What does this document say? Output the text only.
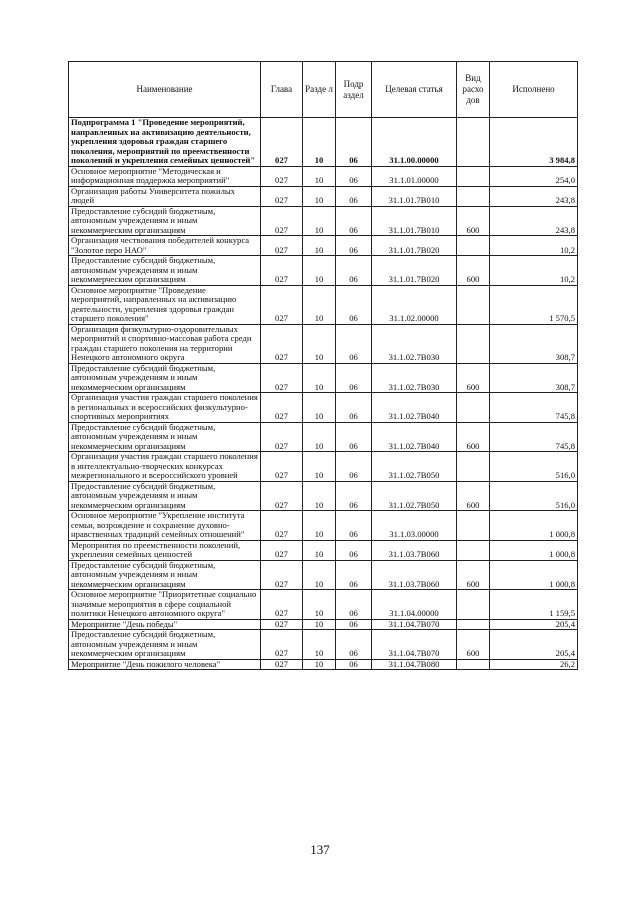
Наименование	Глава	Разде л	Подр аздел	Целевая статья	Вид расхо дов	Исполнено
Подпрограмма 1 "Проведение мероприятий, направленных на активизацию деятельности, укрепления здоровья граждан старшего поколения, мероприятий по преемственности поколений и укрепления семейных ценностей"	027	10	06	31.1.00.00000		3 984,8
Основное мероприятие "Методическая и информационная поддержка мероприятий"	027	10	06	31.1.01.00000		254,0
Организация работы Университета пожилых людей	027	10	06	31.1.01.7В010		243,8
Предоставление субсидий бюджетным, автономным учреждениям и иным некоммерческим организациям	027	10	06	31.1.01.7В010	600	243,8
Организация чествования победителей конкурса "Золотое перо НАО"	027	10	06	31.1.01.7В020		10,2
Предоставление субсидий бюджетным, автономным учреждениям и иным некоммерческим организациям	027	10	06	31.1.01.7В020	600	10,2
Основное мероприятие "Проведение мероприятий, направленных на активизацию деятельности, укрепления здоровья граждан старшего поколения"	027	10	06	31.1.02.00000		1 570,5
Организация физкультурно-оздоровительных мероприятий и спортивно-массовая работа среди граждан старшего поколения на территории Ненецкого автономного округа	027	10	06	31.1.02.7В030		308,7
Предоставление субсидий бюджетным, автономным учреждениям и иным некоммерческим организациям	027	10	06	31.1.02.7В030	600	308,7
Организация участия граждан старшего поколения в региональных и всероссийских физкультурно-спортивных мероприятиях	027	10	06	31.1.02.7В040		745,8
Предоставление субсидий бюджетным, автономным учреждениям и иным некоммерческим организациям	027	10	06	31.1.02.7В040	600	745,8
Организация участия граждан старшего поколения в интеллектуально-творческих конкурсах межрегионального и всероссийского уровней	027	10	06	31.1.02.7В050		516,0
Предоставление субсидий бюджетным, автономным учреждениям и иным некоммерческим организациям	027	10	06	31.1.02.7В050	600	516,0
Основное мероприятие "Укрепление института семьи, возрождение и сохранение духовно-нравственных традиций семейных отношений"	027	10	06	31.1.03.00000		1 000,8
Мероприятия по преемственности поколений, укрепления семейных ценностей	027	10	06	31.1.03.7В060		1 000,8
Предоставление субсидий бюджетным, автономным учреждениям и иным некоммерческим организациям	027	10	06	31.1.03.7В060	600	1 000,8
Основное мероприятие "Приоритетные социально значимые мероприятия в сфере социальной политики Ненецкого автономного округа"	027	10	06	31.1.04.00000		1 159,5
Мероприятие "День победы"	027	10	06	31.1.04.7В070		205,4
Предоставление субсидий бюджетным, автономным учреждениям и иным некоммерческим организациям	027	10	06	31.1.04.7В070	600	205,4
Мероприятие "День пожилого человека"	027	10	06	31.1.04.7В080		26,2
137
